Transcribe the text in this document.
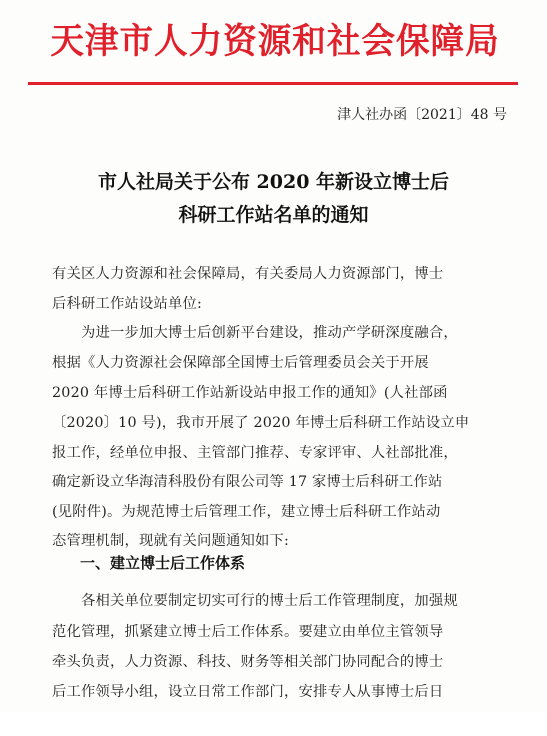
天津市人力资源和社会保障局
津人社办函〔2021〕48 号
市人社局关于公布 2020 年新设立博士后
科研工作站名单的通知
有关区人力资源和社会保障局，有关委局人力资源部门，博士
后科研工作站设站单位:
为进一步加大博士后创新平台建设，推动产学研深度融合，
根据《人力资源社会保障部全国博士后管理委员会关于开展
2020 年博士后科研工作站新设站申报工作的通知》(人社部函
〔2020〕10 号)，我市开展了 2020 年博士后科研工作站设立申
报工作，经单位申报、主管部门推荐、专家评审、人社部批准，
确定新设立华海清科股份有限公司等 17 家博士后科研工作站
(见附件)。为规范博士后管理工作，建立博士后科研工作站动
态管理机制，现就有关问题通知如下:
一、建立博士后工作体系
各相关单位要制定切实可行的博士后工作管理制度，加强规
范化管理，抓紧建立博士后工作体系。要建立由单位主管领导
牵头负责，人力资源、科技、财务等相关部门协同配合的博士
后工作领导小组，设立日常工作部门，安排专人从事博士后日
